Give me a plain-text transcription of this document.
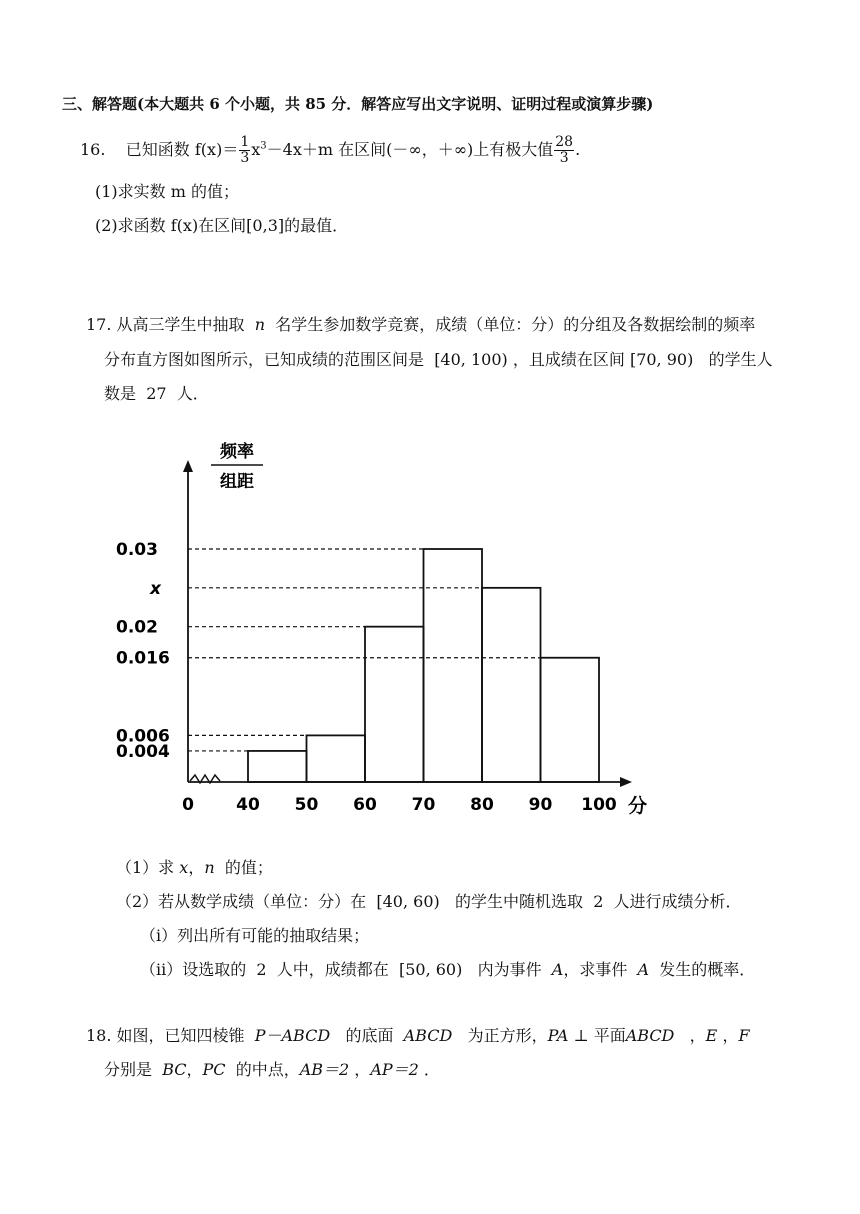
三、解答题(本大题共 6 个小题，共 85 分．解答应写出文字说明、证明过程或演算步骤)
16. 已知函数 $f(x)= \frac{1}{3} x^3-4x+m$ 在区间(－∞，＋∞)上有极大值 $\frac{28}{3}$ .
(1)求实数 m 的值；
(2)求函数 f(x)在区间[0,3]的最值．
17. 从高三学生中抽取 n 名学生参加数学竞赛，成绩（单位：分）的分组及各数据绘制的频率
分布直方图如图所示，已知成绩的范围区间是 [40, 100) ，且成绩在区间 [70, 90) 的学生人
数是 27 人．
0.03
x
0.02
0.016
0.006
0.004
0 40 50 60 70 80 90 100 分
频率
组距
（1）求 x，n 的值；
（2）若从数学成绩（单位：分）在 [40, 60) 的学生中随机选取 2 人进行成绩分析．
（i）列出所有可能的抽取结果；
（ii）设选取的 2 人中，成绩都在 [50, 60) 内为事件 A，求事件 A 发生的概率．
18. 如图，已知四棱锥 P－ABCD 的底面 ABCD 为正方形，PA ⊥ 平面ABCD ，E ，F
分别是 BC，PC 的中点，AB＝2 ，AP＝2 ．
